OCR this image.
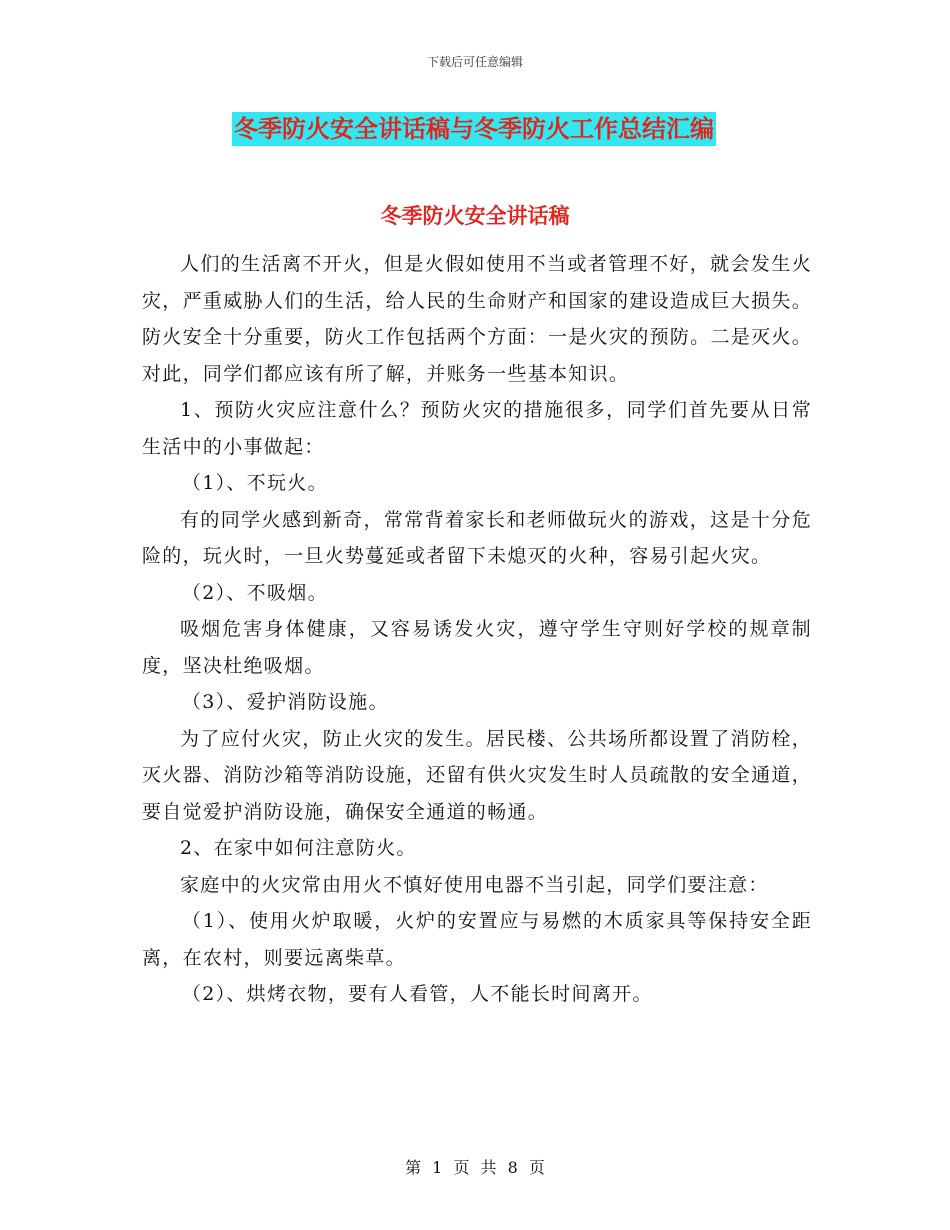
下载后可任意编辑
冬季防火安全讲话稿与冬季防火工作总结汇编
冬季防火安全讲话稿

人们的生活离不开火，但是火假如使用不当或者管理不好，就会发生火灾，严重威胁人们的生活，给人民的生命财产和国家的建设造成巨大损失。防火安全十分重要，防火工作包括两个方面：一是火灾的预防。二是灭火。对此，同学们都应该有所了解，并账务一些基本知识。

1、预防火灾应注意什么？预防火灾的措施很多，同学们首先要从日常生活中的小事做起：

（1）、不玩火。

有的同学火感到新奇，常常背着家长和老师做玩火的游戏，这是十分危险的，玩火时，一旦火势蔓延或者留下未熄灭的火种，容易引起火灾。

（2）、不吸烟。

吸烟危害身体健康，又容易诱发火灾，遵守学生守则好学校的规章制度，坚决杜绝吸烟。

（3）、爱护消防设施。

为了应付火灾，防止火灾的发生。居民楼、公共场所都设置了消防栓，灭火器、消防沙箱等消防设施，还留有供火灾发生时人员疏散的安全通道，要自觉爱护消防设施，确保安全通道的畅通。

2、在家中如何注意防火。

家庭中的火灾常由用火不慎好使用电器不当引起，同学们要注意：

（1）、使用火炉取暖，火炉的安置应与易燃的木质家具等保持安全距离，在农村，则要远离柴草。

（2）、烘烤衣物，要有人看管，人不能长时间离开。

第 1 页 共 8 页
